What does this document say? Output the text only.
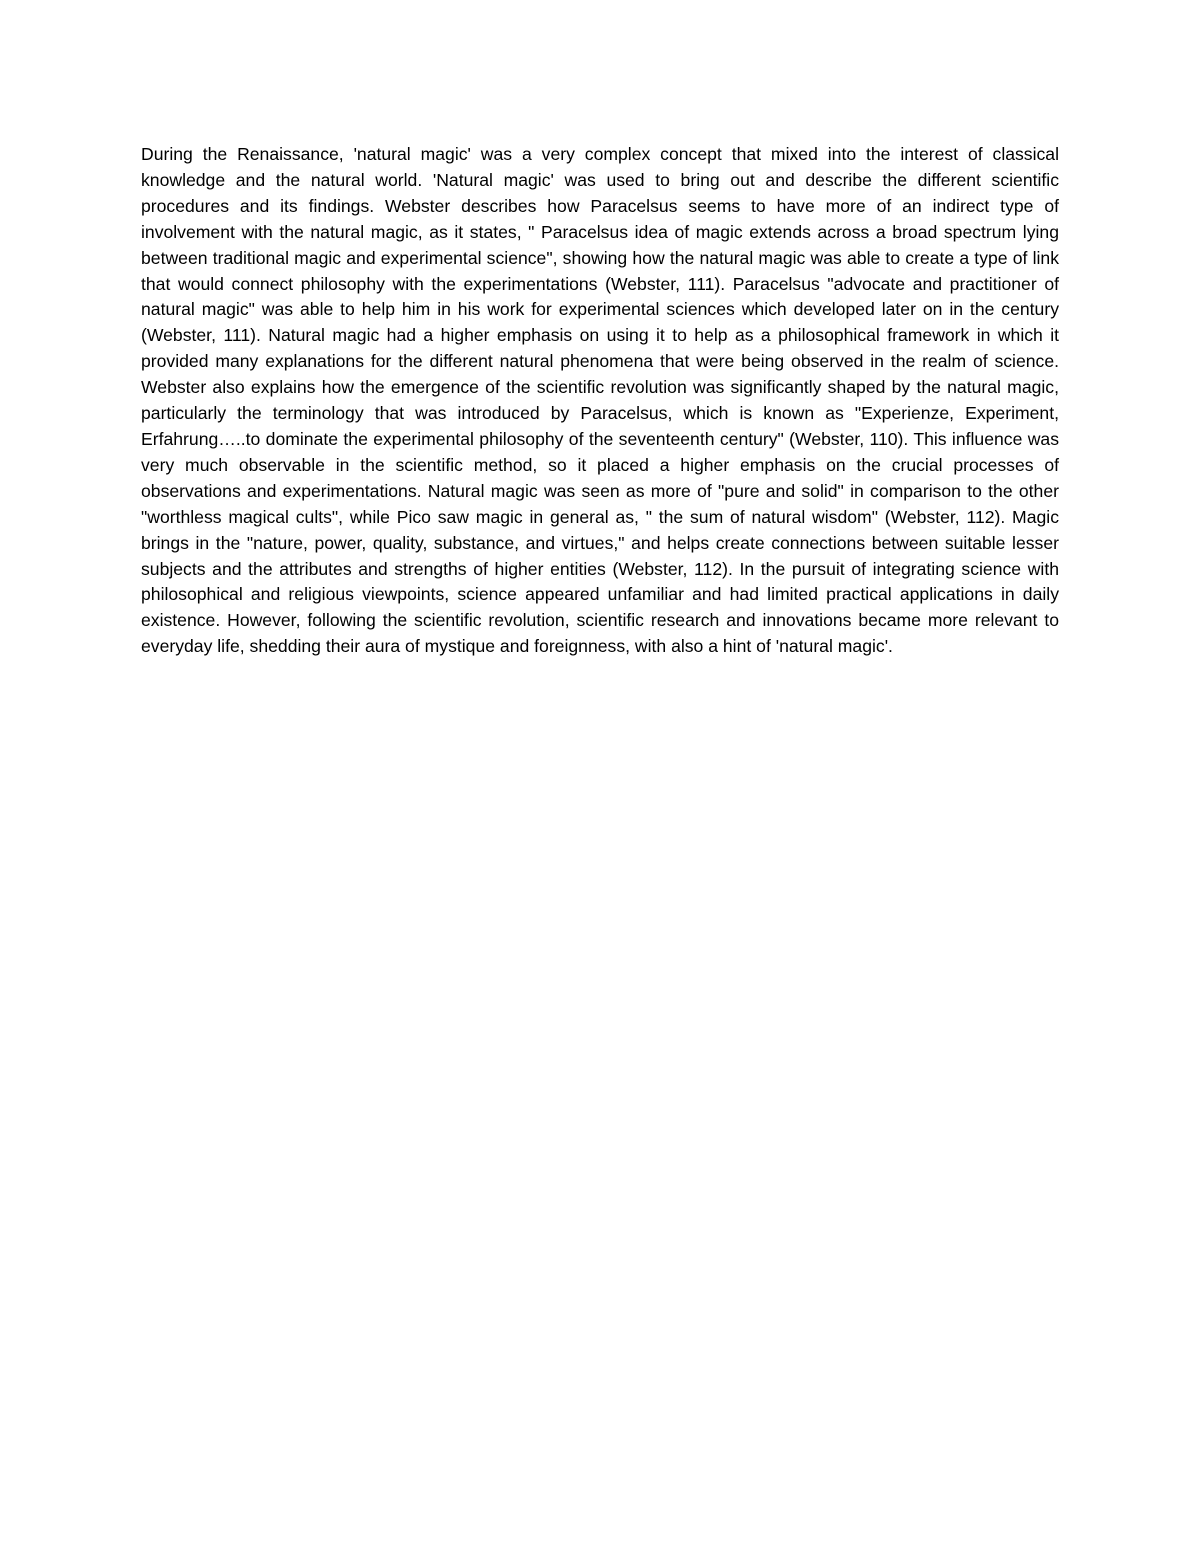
During the Renaissance, 'natural magic' was a very complex concept that mixed into the interest of classical knowledge and the natural world. 'Natural magic' was used to bring out and describe the different scientific procedures and its findings. Webster describes how Paracelsus seems to have more of an indirect type of involvement with the natural magic, as it states, " Paracelsus idea of magic extends across a broad spectrum lying between traditional magic and experimental science", showing how the natural magic was able to create a type of link that would connect philosophy with the experimentations (Webster, 111). Paracelsus "advocate and practitioner of natural magic" was able to help him in his work for experimental sciences which developed later on in the century (Webster, 111). Natural magic had a higher emphasis on using it to help as a philosophical framework in which it provided many explanations for the different natural phenomena that were being observed in the realm of science. Webster also explains how the emergence of the scientific revolution was significantly shaped by the natural magic, particularly the terminology that was introduced by Paracelsus, which is known as "Experienze, Experiment, Erfahrung…..to dominate the experimental philosophy of the seventeenth century" (Webster, 110). This influence was very much observable in the scientific method, so it placed a higher emphasis on the crucial processes of observations and experimentations. Natural magic was seen as more of "pure and solid" in comparison to the other "worthless magical cults", while Pico saw magic in general as, " the sum of natural wisdom" (Webster, 112). Magic brings in the "nature, power, quality, substance, and virtues," and helps create connections between suitable lesser subjects and the attributes and strengths of higher entities (Webster, 112). In the pursuit of integrating science with philosophical and religious viewpoints, science appeared unfamiliar and had limited practical applications in daily existence. However, following the scientific revolution, scientific research and innovations became more relevant to everyday life, shedding their aura of mystique and foreignness, with also a hint of 'natural magic'.
